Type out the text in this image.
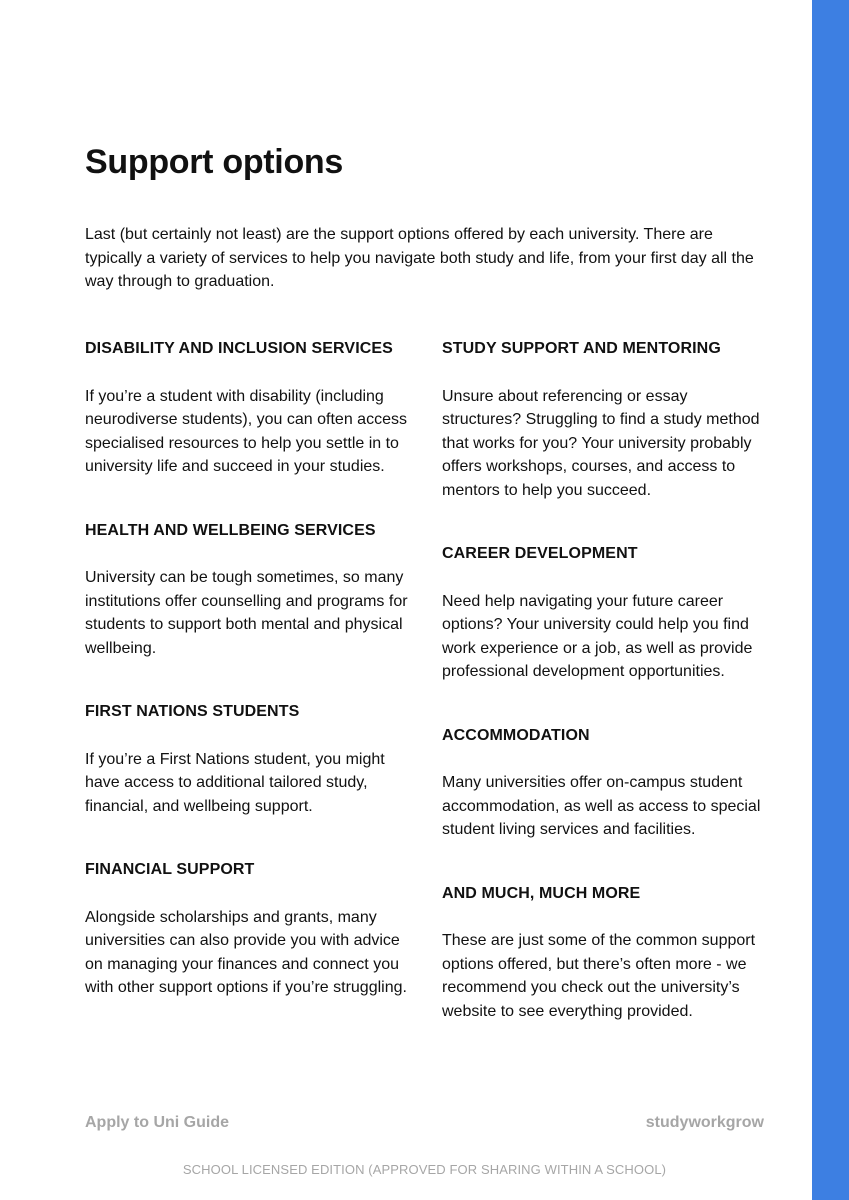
Support options

Last (but certainly not least) are the support options offered by each university. There are typically a variety of services to help you navigate both study and life, from your first day all the way through to graduation.

DISABILITY AND INCLUSION SERVICES

If you’re a student with disability (including neurodiverse students), you can often access specialised resources to help you settle in to university life and succeed in your studies.

HEALTH AND WELLBEING SERVICES

University can be tough sometimes, so many institutions offer counselling and programs for students to support both mental and physical wellbeing.

FIRST NATIONS STUDENTS

If you’re a First Nations student, you might have access to additional tailored study, financial, and wellbeing support.

FINANCIAL SUPPORT

Alongside scholarships and grants, many universities can also provide you with advice on managing your finances and connect you with other support options if you’re struggling.

STUDY SUPPORT AND MENTORING

Unsure about referencing or essay structures? Struggling to find a study method that works for you? Your university probably offers workshops, courses, and access to mentors to help you succeed.

CAREER DEVELOPMENT

Need help navigating your future career options? Your university could help you find work experience or a job, as well as provide professional development opportunities.

ACCOMMODATION

Many universities offer on-campus student accommodation, as well as access to special student living services and facilities.

AND MUCH, MUCH MORE

These are just some of the common support options offered, but there’s often more - we recommend you check out the university’s website to see everything provided.

Apply to Uni Guide	studyworkgrow
SCHOOL LICENSED EDITION (APPROVED FOR SHARING WITHIN A SCHOOL)
